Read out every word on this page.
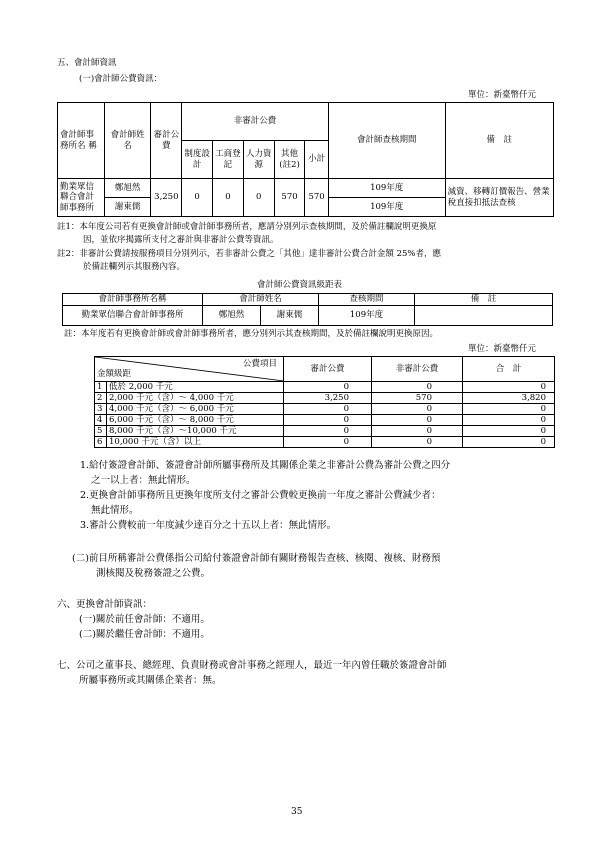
五、會計師資訊
(一)會計師公費資訊：
單位：新臺幣仟元
會計師事務所名 稱	會計師姓 名	審計公費	非審計公費					會計師查核期間	備　註
			制度設計	工商登記	人力資源	其他(註2)	小計		
勤業眾信聯合會計師事務所	鄭旭然	3,250	0	0	0	570	570	109年度	減資、移轉訂價報告、營業稅直接扣抵法查核
	謝東儒							109年度	
註1：本年度公司若有更換會計師或會計師事務所者，應請分別列示查核期間，及於備註欄說明更換原
因，並依序揭露所支付之審計與非審計公費等資訊。
註2：非審計公費請按服務項目分別列示，若非審計公費之「其他」達非審計公費合計金額 25%者，應
於備註欄列示其服務內容。
會計師公費資訊級距表
會計師事務所名稱	會計師姓名		查核期間	備　註
勤業眾信聯合會計師事務所	鄭旭然	謝東儒	109年度	
註：本年度若有更換會計師或會計師事務所者，應分別列示其查核期間，及於備註欄說明更換原因。
單位：新臺幣仟元
公費項目
金額級距		審計公費	非審計公費	合　計
1	低於 2,000 千元	0	0	0
2	2,000 千元（含）～ 4,000 千元	3,250	570	3,820
3	4,000 千元（含）～ 6,000 千元	0	0	0
4	6,000 千元（含）～ 8,000 千元	0	0	0
5	8,000 千元（含）～10,000 千元	0	0	0
6	10,000 千元（含）以上	0	0	0
1.給付簽證會計師、簽證會計師所屬事務所及其關係企業之非審計公費為審計公費之四分
之一以上者：無此情形。
2.更換會計師事務所且更換年度所支付之審計公費較更換前一年度之審計公費減少者：
無此情形。
3.審計公費較前一年度減少達百分之十五以上者：無此情形。
(二)前目所稱審計公費係指公司給付簽證會計師有關財務報告查核、核閱、複核、財務預
測核閱及稅務簽證之公費。
六、更換會計師資訊：
(一)關於前任會計師：不適用。
(二)關於繼任會計師：不適用。
七、公司之董事長、總經理、負責財務或會計事務之經理人，最近一年內曾任職於簽證會計師
所屬事務所或其關係企業者：無。
35
